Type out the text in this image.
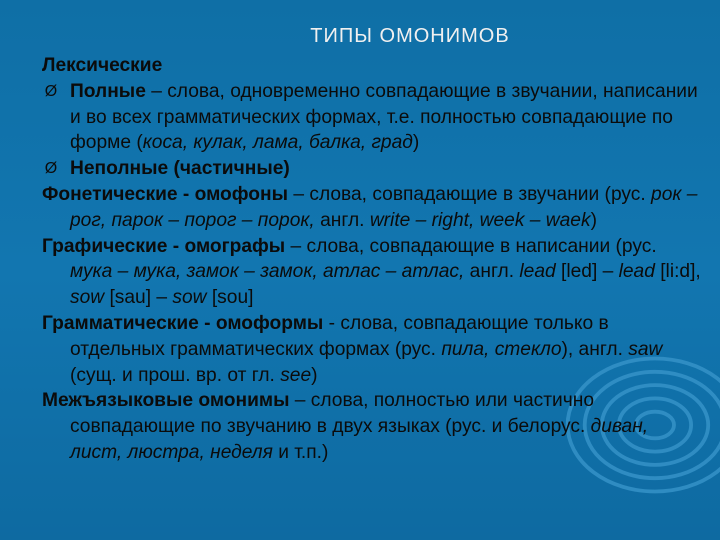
ТИПЫ ОМОНИМОВ

Лексические

Ø Полные – слова, одновременно совпадающие в звучании, написании и во всех грамматических формах, т.е. полностью совпадающие по форме (коса, кулак, лама, балка, град)

Ø Неполные (частичные)

Фонетические - омофоны – слова, совпадающие в звучании (рус. рок – рог, парок – порог – порок, англ. write – right, week – waek)

Графические - омографы – слова, совпадающие в написании (рус. мука – мука, замок – замок, атлас – атлас, англ. lead [led] – lead [li:d], sow [sau] – sow [sou]

Грамматические - омоформы - слова, совпадающие только в отдельных грамматических формах (рус. пила, стекло), англ. saw (сущ. и прош. вр. от гл. see)

Межъязыковые омонимы – слова, полностью или частично совпадающие по звучанию в двух языках (рус. и белорус. диван, лист, люстра, неделя и т.п.)
